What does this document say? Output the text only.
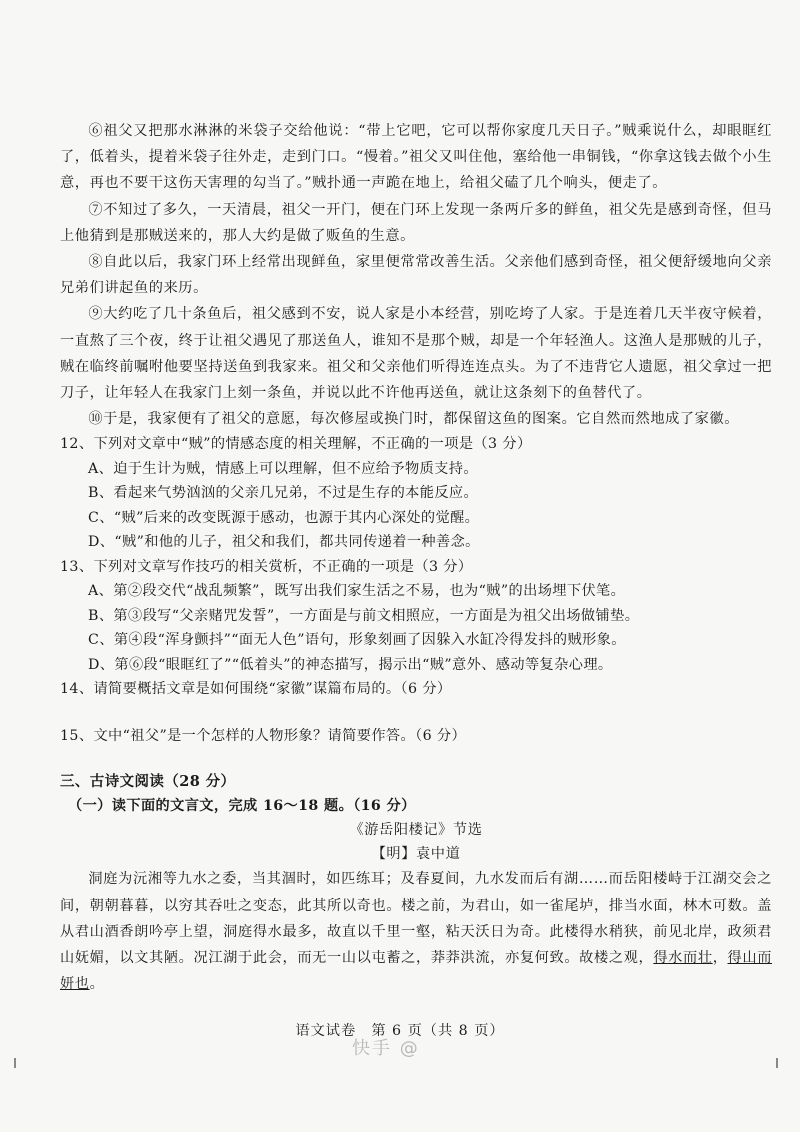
⑥祖父又把那水淋淋的米袋子交给他说：“带上它吧，它可以帮你家度几天日子。”贼乘说什么，却眼眶红了，低着头，提着米袋子往外走，走到门口。“慢着。”祖父又叫住他，塞给他一串铜钱，“你拿这钱去做个小生意，再也不要干这伤天害理的勾当了。”贼扑通一声跪在地上，给祖父磕了几个响头，便走了。

⑦不知过了多久，一天清晨，祖父一开门，便在门环上发现一条两斤多的鲜鱼，祖父先是感到奇怪，但马上他猜到是那贼送来的，那人大约是做了贩鱼的生意。

⑧自此以后，我家门环上经常出现鲜鱼，家里便常常改善生活。父亲他们感到奇怪，祖父便舒缓地向父亲兄弟们讲起鱼的来历。

⑨大约吃了几十条鱼后，祖父感到不安，说人家是小本经营，别吃垮了人家。于是连着几天半夜守候着，一直熬了三个夜，终于让祖父遇见了那送鱼人，谁知不是那个贼，却是一个年轻渔人。这渔人是那贼的儿子，贼在临终前嘱咐他要坚持送鱼到我家来。祖父和父亲他们听得连连点头。为了不违背它人遗愿，祖父拿过一把刀子，让年轻人在我家门上刻一条鱼，并说以此不许他再送鱼，就让这条刻下的鱼替代了。

⑩于是，我家便有了祖父的意愿，每次修屋或换门时，都保留这鱼的图案。它自然而然地成了家徽。

12、下列对文章中“贼”的情感态度的相关理解，不正确的一项是（3 分）

A、迫于生计为贼，情感上可以理解，但不应给予物质支持。

B、看起来气势汹汹的父亲几兄弟，不过是生存的本能反应。

C、“贼”后来的改变既源于感动，也源于其内心深处的觉醒。

D、“贼”和他的儿子，祖父和我们，都共同传递着一种善念。

13、下列对文章写作技巧的相关赏析，不正确的一项是（3 分）

A、第②段交代“战乱频繁”，既写出我们家生活之不易，也为“贼”的出场埋下伏笔。

B、第③段写“父亲赌咒发誓”，一方面是与前文相照应，一方面是为祖父出场做铺垫。

C、第④段“浑身颤抖”“面无人色”语句，形象刻画了因躲入水缸冷得发抖的贼形象。

D、第⑥段“眼眶红了”“低着头”的神态描写，揭示出“贼”意外、感动等复杂心理。

14、请简要概括文章是如何围绕“家徽”谋篇布局的。（6 分）

15、文中“祖父”是一个怎样的人物形象？请简要作答。（6 分）

三、古诗文阅读（28 分）

（一）读下面的文言文，完成 16～18 题。（16 分）

《游岳阳楼记》节选

【明】袁中道

洞庭为沅湘等九水之委，当其涸时，如匹练耳；及春夏间，九水发而后有湖……而岳阳楼峙于江湖交会之间，朝朝暮暮，以穷其吞吐之变态，此其所以奇也。楼之前，为君山，如一雀尾垆，排当水面，林木可数。盖从君山酒香朗吟亭上望，洞庭得水最多，故直以千里一壑，粘天沃日为奇。此楼得水稍狭，前见北岸，政须君山妩媚，以文其陋。况江湖于此会，而无一山以屯蓄之，莽莽洪流，亦复何致。故楼之观，得水而壮，得山而妍也。

语文试卷　第 6 页（共 8 页）
快手 @
